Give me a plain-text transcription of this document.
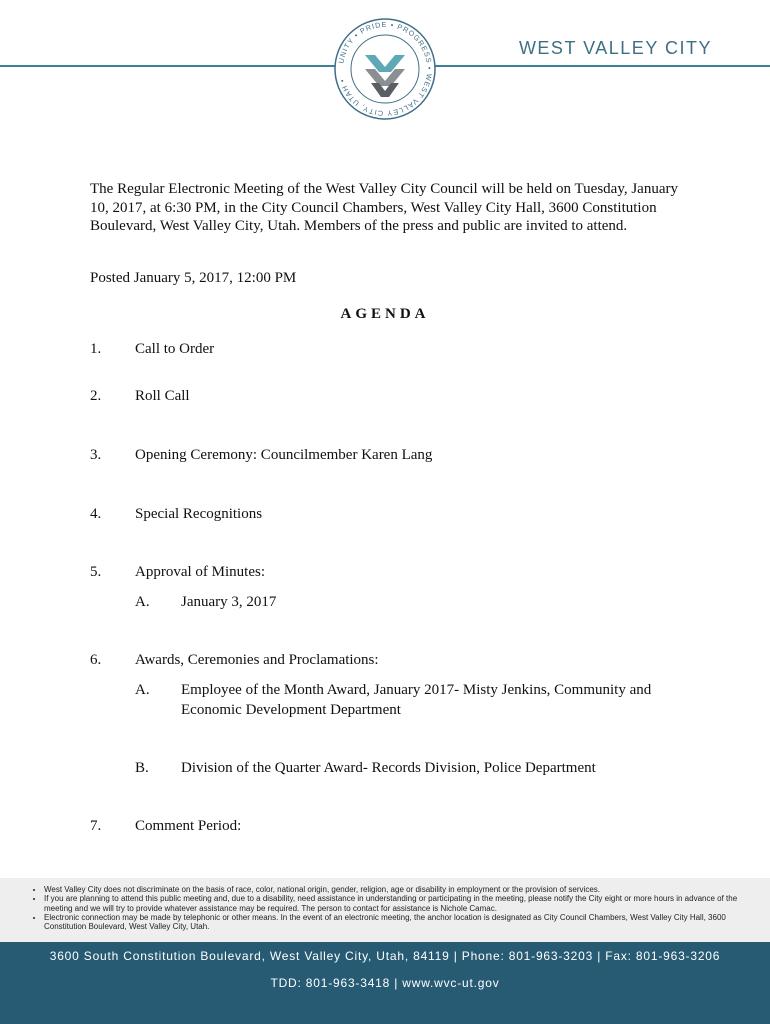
UNITY • PRIDE • PROGRESS • WEST VALLEY CITY, UTAH •
WEST VALLEY CITY
The Regular Electronic Meeting of the West Valley City Council will be held on Tuesday, January 10, 2017, at 6:30 PM, in the City Council Chambers, West Valley City Hall, 3600 Constitution Boulevard, West Valley City, Utah. Members of the press and public are invited to attend.
Posted January 5, 2017, 12:00 PM
AGENDA
1. Call to Order
2. Roll Call
3. Opening Ceremony: Councilmember Karen Lang
4. Special Recognitions
5. Approval of Minutes:
A. January 3, 2017
6. Awards, Ceremonies and Proclamations:
A. Employee of the Month Award, January 2017- Misty Jenkins, Community and Economic Development Department
B. Division of the Quarter Award- Records Division, Police Department
7. Comment Period:
• West Valley City does not discriminate on the basis of race, color, national origin, gender, religion, age or disability in employment or the provision of services.
• If you are planning to attend this public meeting and, due to a disability, need assistance in understanding or participating in the meeting, please notify the City eight or more hours in advance of the meeting and we will try to provide whatever assistance may be required. The person to contact for assistance is Nichole Camac.
• Electronic connection may be made by telephonic or other means. In the event of an electronic meeting, the anchor location is designated as City Council Chambers, West Valley City Hall, 3600 Constitution Boulevard, West Valley City, Utah.
3600 South Constitution Boulevard, West Valley City, Utah, 84119 | Phone: 801-963-3203 | Fax: 801-963-3206
TDD: 801-963-3418 | www.wvc-ut.gov
